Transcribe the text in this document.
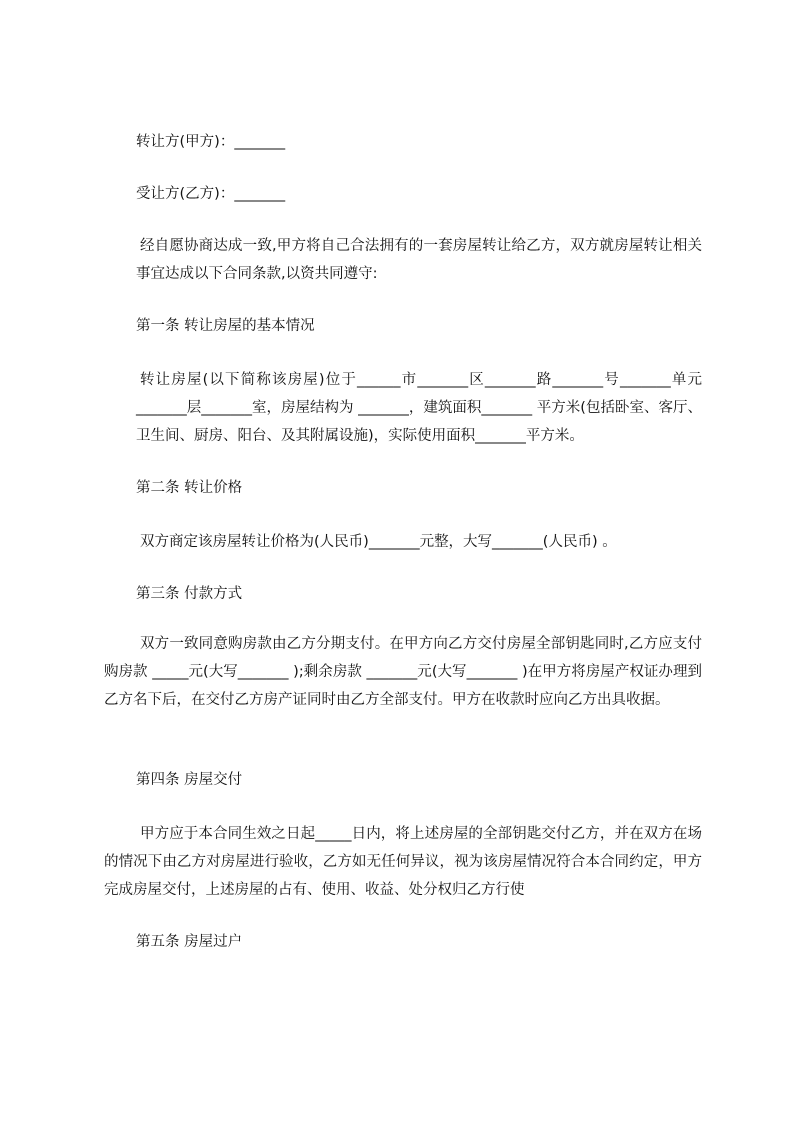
转让方(甲方)：_______
受让方(乙方)：_______
经自愿协商达成一致,甲方将自己合法拥有的一套房屋转让给乙方，双方就房屋转让相关事宜达成以下合同条款,以资共同遵守:
第一条 转让房屋的基本情况
转让房屋(以下简称该房屋)位于______市_______区_______路_______号_______单元_______层_______室，房屋结构为 _______，建筑面积_______ 平方米(包括卧室、客厅、卫生间、厨房、阳台、及其附属设施)，实际使用面积_______平方米。
第二条 转让价格
双方商定该房屋转让价格为(人民币)_______元整，大写_______(人民币) 。
第三条 付款方式
双方一致同意购房款由乙方分期支付。在甲方向乙方交付房屋全部钥匙同时,乙方应支付购房款 _____元(大写_______ );剩余房款 _______元(大写_______ )在甲方将房屋产权证办理到乙方名下后，在交付乙方房产证同时由乙方全部支付。甲方在收款时应向乙方出具收据。
第四条 房屋交付
甲方应于本合同生效之日起_____日内，将上述房屋的全部钥匙交付乙方，并在双方在场的情况下由乙方对房屋进行验收，乙方如无任何异议，视为该房屋情况符合本合同约定，甲方完成房屋交付，上述房屋的占有、使用、收益、处分权归乙方行使
第五条 房屋过户
